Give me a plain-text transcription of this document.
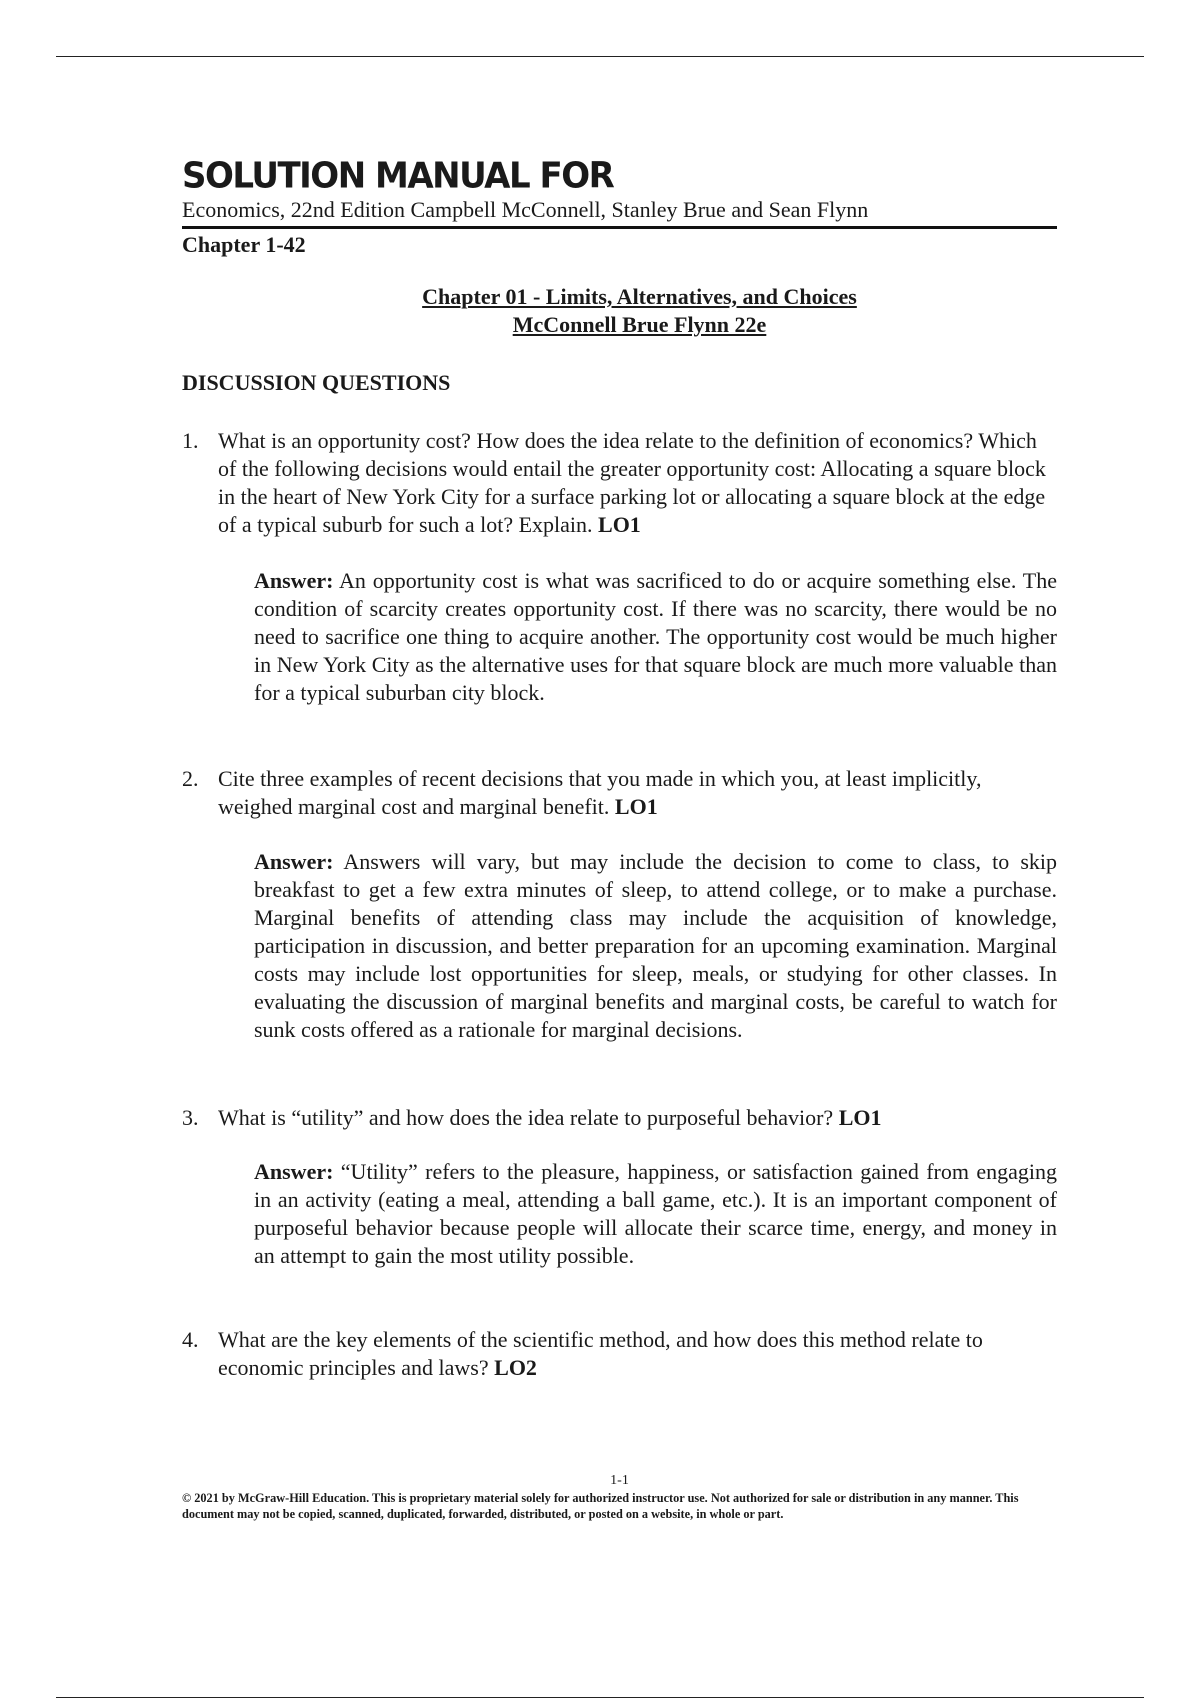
SOLUTION MANUAL FOR
Economics, 22nd Edition Campbell McConnell, Stanley Brue and Sean Flynn
Chapter 1-42
Chapter 01 - Limits, Alternatives, and Choices
McConnell Brue Flynn 22e
DISCUSSION QUESTIONS
1. What is an opportunity cost? How does the idea relate to the definition of economics? Which of the following decisions would entail the greater opportunity cost: Allocating a square block in the heart of New York City for a surface parking lot or allocating a square block at the edge of a typical suburb for such a lot? Explain. LO1
Answer: An opportunity cost is what was sacrificed to do or acquire something else. The condition of scarcity creates opportunity cost. If there was no scarcity, there would be no need to sacrifice one thing to acquire another. The opportunity cost would be much higher in New York City as the alternative uses for that square block are much more valuable than for a typical suburban city block.
2. Cite three examples of recent decisions that you made in which you, at least implicitly, weighed marginal cost and marginal benefit. LO1
Answer: Answers will vary, but may include the decision to come to class, to skip breakfast to get a few extra minutes of sleep, to attend college, or to make a purchase. Marginal benefits of attending class may include the acquisition of knowledge, participation in discussion, and better preparation for an upcoming examination. Marginal costs may include lost opportunities for sleep, meals, or studying for other classes. In evaluating the discussion of marginal benefits and marginal costs, be careful to watch for sunk costs offered as a rationale for marginal decisions.
3. What is “utility” and how does the idea relate to purposeful behavior? LO1
Answer: “Utility” refers to the pleasure, happiness, or satisfaction gained from engaging in an activity (eating a meal, attending a ball game, etc.). It is an important component of purposeful behavior because people will allocate their scarce time, energy, and money in an attempt to gain the most utility possible.
4. What are the key elements of the scientific method, and how does this method relate to economic principles and laws? LO2
1-1
© 2021 by McGraw-Hill Education. This is proprietary material solely for authorized instructor use. Not authorized for sale or distribution in any manner. This document may not be copied, scanned, duplicated, forwarded, distributed, or posted on a website, in whole or part.
